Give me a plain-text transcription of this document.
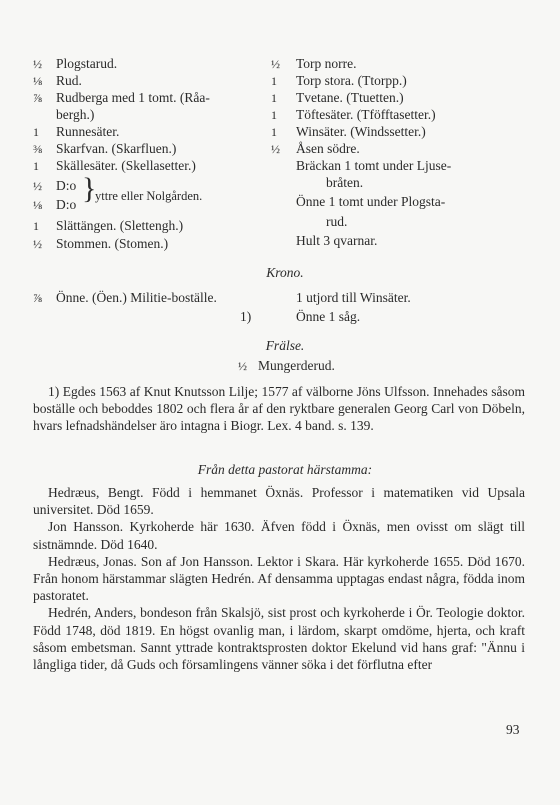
½ Plogstarud.
⅛ Rud.
⅞ Rudberga med 1 tomt. (Råa-
bergh.)
1 Runnesäter.
⅜ Skarfvan. (Skarfluen.)
1 Skällesäter. (Skellasetter.)
½ D:o
⅛ D:o }
yttre eller Nolgården.
1 Slättängen. (Slettengh.)
½ Stommen. (Stomen.)
½ Torp norre.
1 Torp stora. (Ttorpp.)
1 Tvetane. (Ttuetten.)
1 Töftesäter. (Tföfftasetter.)
1 Winsäter. (Windssetter.)
½ Åsen södre.
Bräckan 1 tomt under Ljuse-
bråten.
Önne 1 tomt under Plogsta-
rud.
Hult 3 qvarnar.
Krono.
⅞ Önne. (Öen.) Militie-boställe.
1)
1 utjord till Winsäter.
Önne 1 såg.
Frälse.
½ Mungerderud.

1) Egdes 1563 af Knut Knutsson Lilje; 1577 af välborne Jöns Ulfsson. Innehades såsom boställe och beboddes 1802 och flera år af den ryktbare generalen Georg Carl von Döbeln, hvars lefnadshändelser äro intagna i Biogr. Lex. 4 band. s. 139.

Från detta pastorat härstamma:

Hedræus, Bengt. Född i hemmanet Öxnäs. Professor i matematiken vid Upsala universitet. Död 1659.

Jon Hansson. Kyrkoherde här 1630. Äfven född i Öxnäs, men ovisst om slägt till sistnämnde. Död 1640.

Hedræus, Jonas. Son af Jon Hansson. Lektor i Skara. Här kyrkoherde 1655. Död 1670. Från honom härstammar slägten Hedrén. Af densamma upptagas endast några, födda inom pastoratet.

Hedrén, Anders, bondeson från Skalsjö, sist prost och kyrkoherde i Ör. Teologie doktor. Född 1748, död 1819. En högst ovanlig man, i lärdom, skarpt omdöme, hjerta, och kraft såsom embetsman. Sannt yttrade kontraktsprosten doktor Ekelund vid hans graf: "Ännu i långliga tider, då Guds och församlingens vänner söka i det förflutna efter

93
